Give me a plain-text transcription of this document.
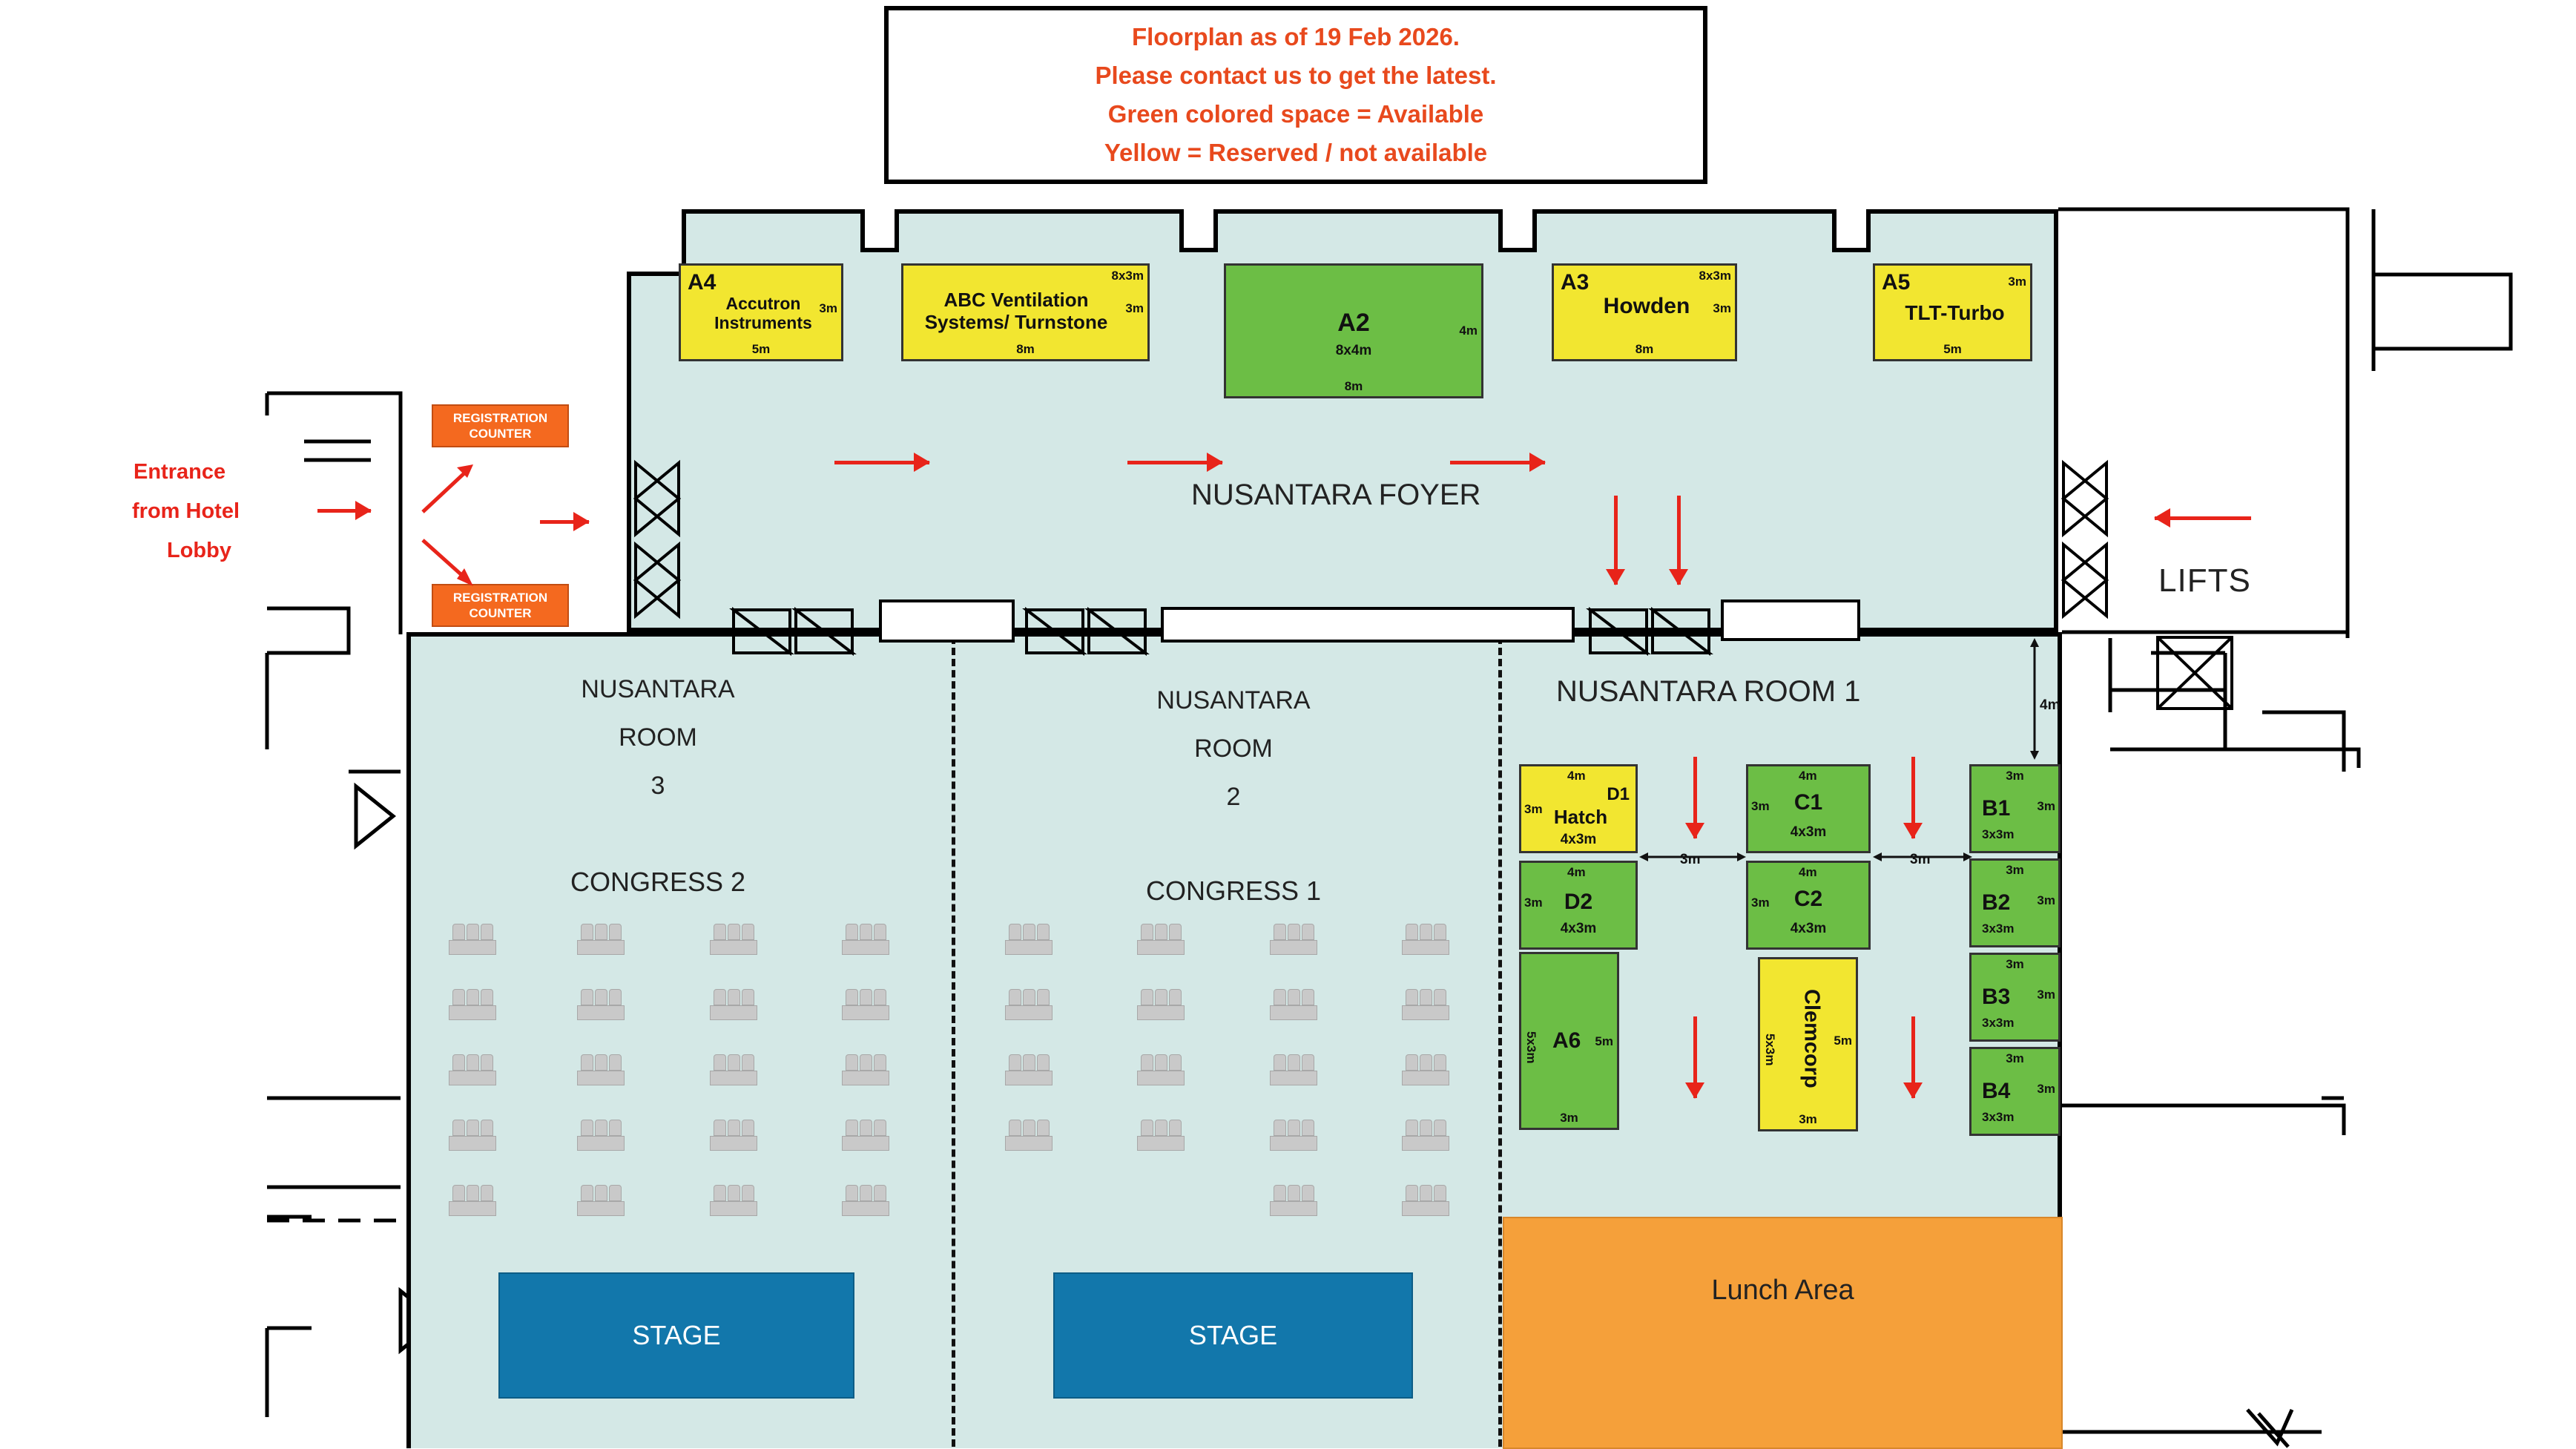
Floorplan as of 19 Feb 2026.
Please contact us to get the latest.
Green colored space = Available
Yellow = Reserved / not available
NUSANTARA FOYER
NUSANTARA
ROOM
3
CONGRESS 2
NUSANTARA
ROOM
2
CONGRESS 1
NUSANTARA ROOM 1
A4
Accutron Instruments
3m
5m
8x3m
ABC Ventilation Systems/ Turnstone
3m
8m
A2
8x4m
4m
8m
A3	8x3m
Howden	3m
8m
A5	3m
TLT-Turbo
5m
4m
D1
3m Hatch
4x3m
4m
3m D2
4x3m
5x3m A6 5m
3m
4m
3m C1
4x3m
4m
3m C2
4x3m
5x3m Clemcorp 5m
3m
3m
B1 3m
3x3m
3m
B2 3m
3x3m
3m
B3 3m
3x3m
3m
B4 3m
3x3m
3m	3m
4m
REGISTRATION
COUNTER
REGISTRATION
COUNTER
Entrance
from Hotel
Lobby
LIFTS
STAGE	STAGE
Lunch Area
